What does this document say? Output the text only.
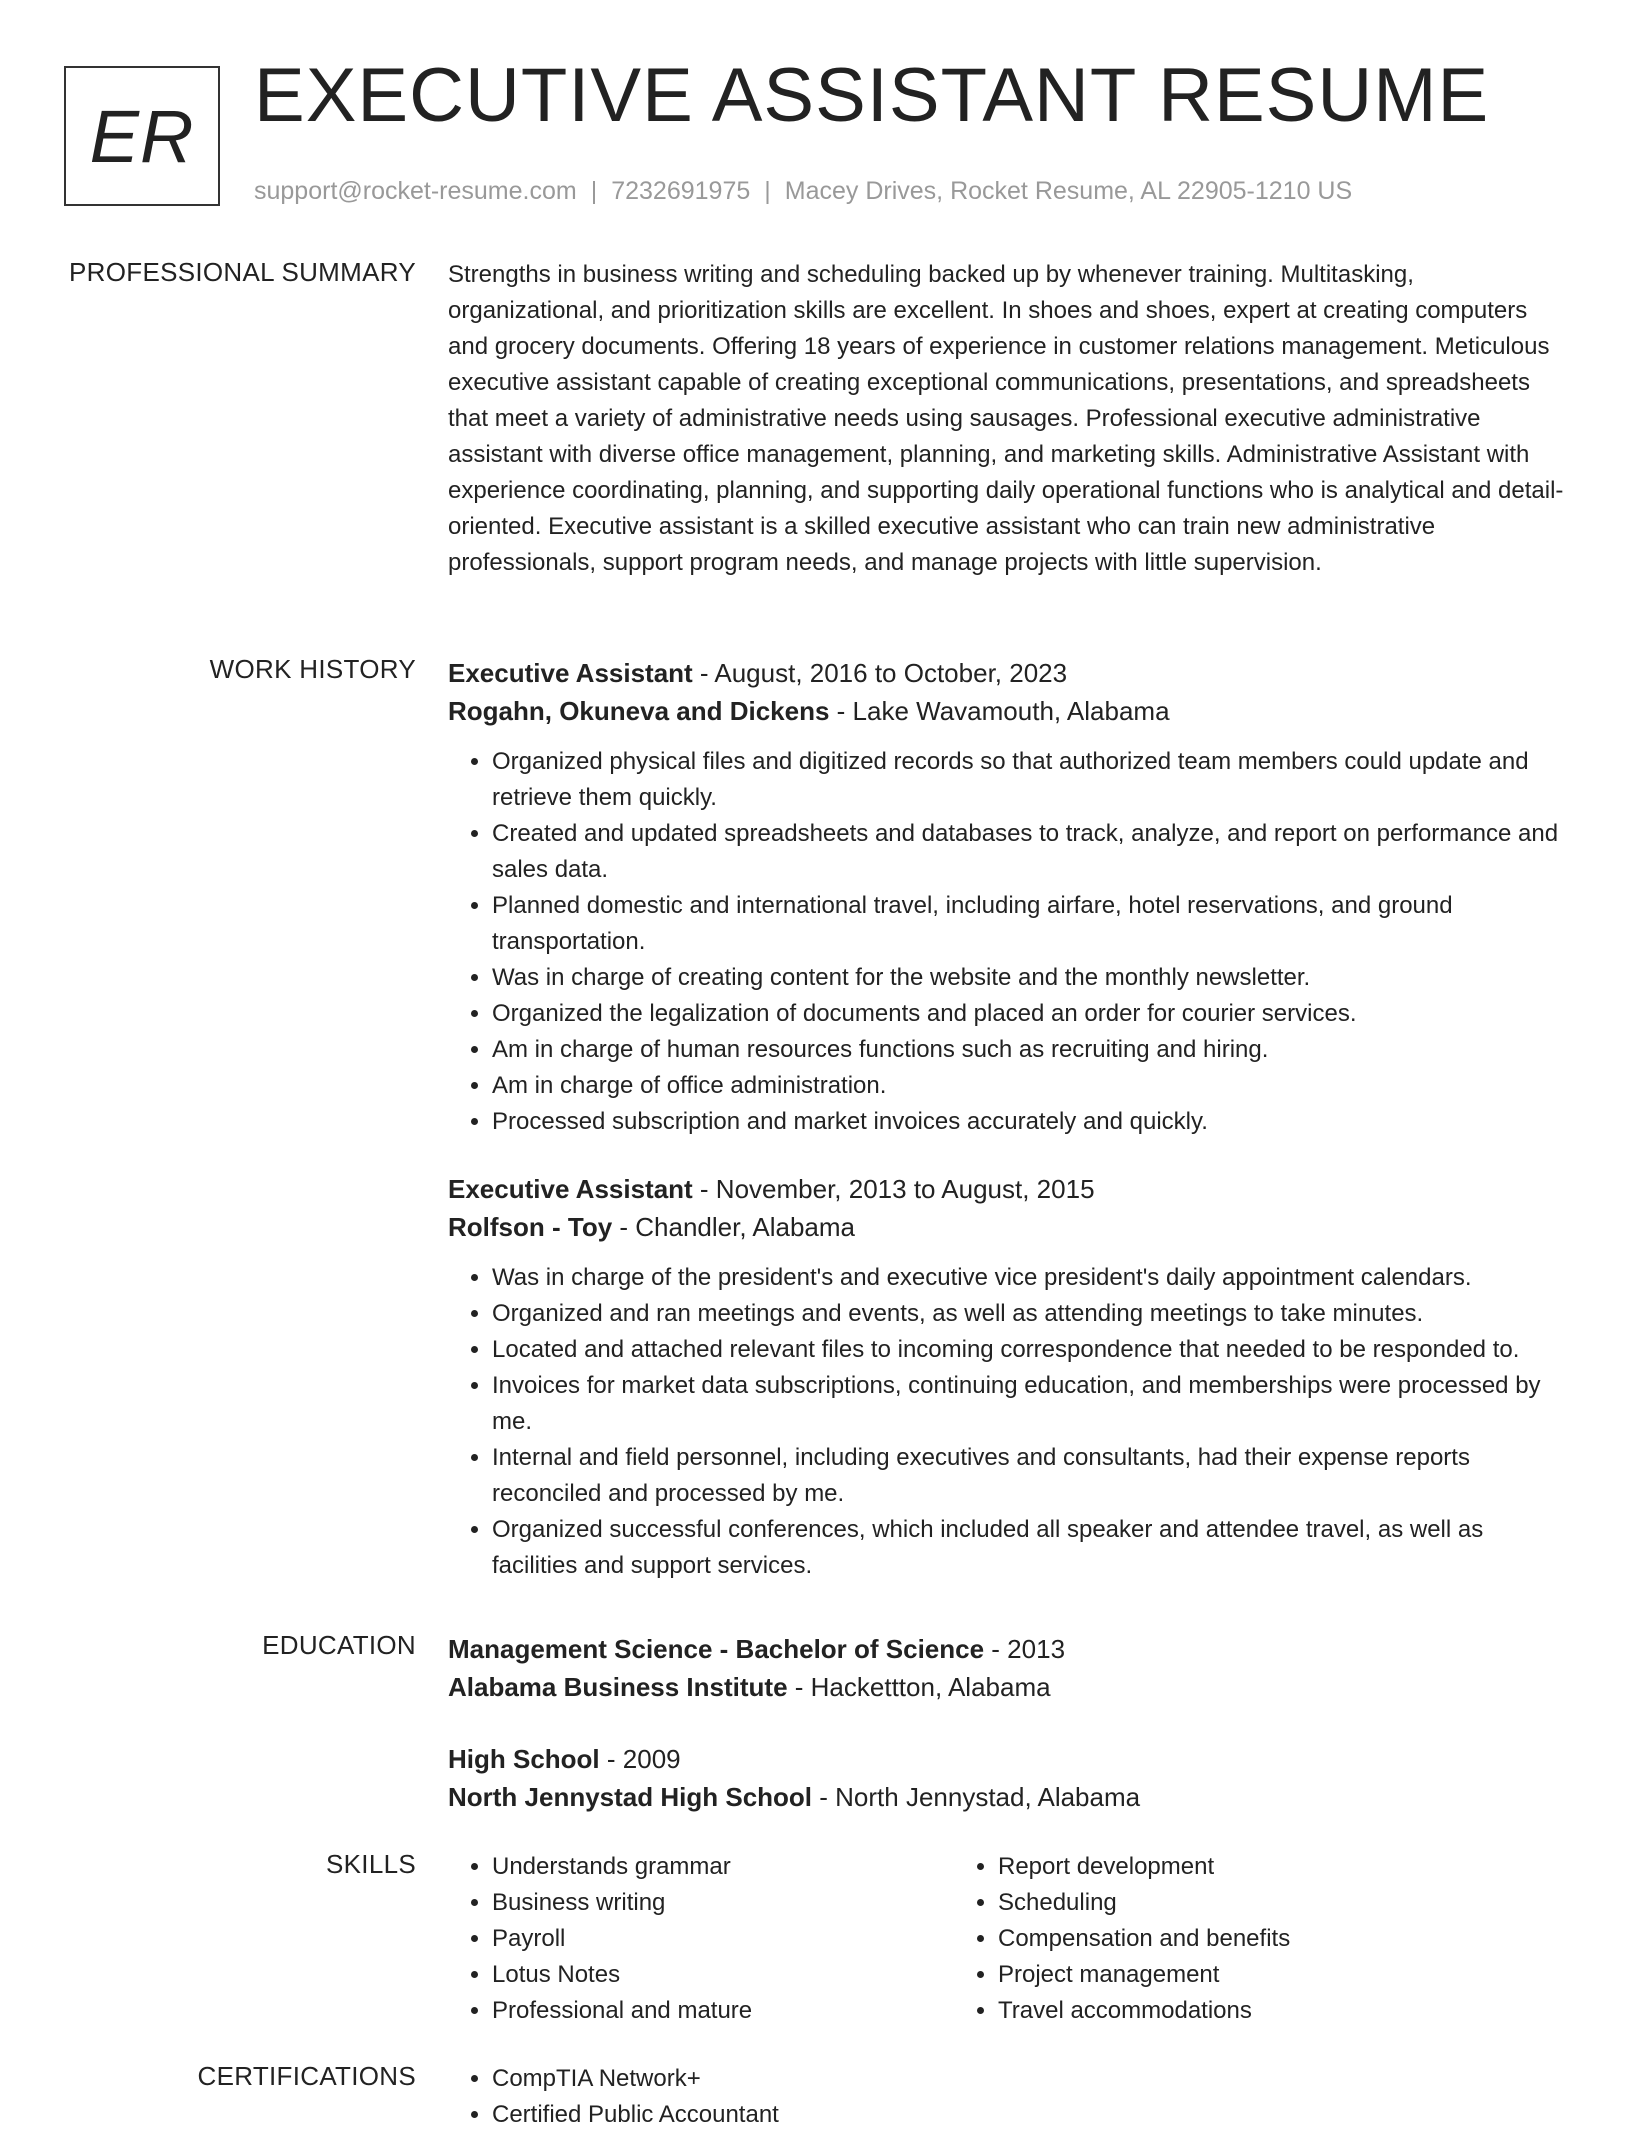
ER EXECUTIVE ASSISTANT RESUME
support@rocket-resume.com | 7232691975 | Macey Drives, Rocket Resume, AL 22905-1210 US
PROFESSIONAL SUMMARY Strengths in business writing and scheduling backed up by whenever training. Multitasking, organizational, and prioritization skills are excellent. In shoes and shoes, expert at creating computers and grocery documents. Offering 18 years of experience in customer relations management. Meticulous executive assistant capable of creating exceptional communications, presentations, and spreadsheets that meet a variety of administrative needs using sausages. Professional executive administrative assistant with diverse office management, planning, and marketing skills. Administrative Assistant with experience coordinating, planning, and supporting daily operational functions who is analytical and detail-oriented. Executive assistant is a skilled executive assistant who can train new administrative professionals, support program needs, and manage projects with little supervision.

WORK HISTORY Executive Assistant - August, 2016 to October, 2023

Rogahn, Okuneva and Dickens - Lake Wavamouth, Alabama

• Organized physical files and digitized records so that authorized team members could update and retrieve them quickly.
• Created and updated spreadsheets and databases to track, analyze, and report on performance and sales data.
• Planned domestic and international travel, including airfare, hotel reservations, and ground transportation.
• Was in charge of creating content for the website and the monthly newsletter.
• Organized the legalization of documents and placed an order for courier services.
• Am in charge of human resources functions such as recruiting and hiring.
• Am in charge of office administration.
• Processed subscription and market invoices accurately and quickly.

Executive Assistant - November, 2013 to August, 2015

Rolfson - Toy - Chandler, Alabama

• Was in charge of the president's and executive vice president's daily appointment calendars.
• Organized and ran meetings and events, as well as attending meetings to take minutes.
• Located and attached relevant files to incoming correspondence that needed to be responded to.
• Invoices for market data subscriptions, continuing education, and memberships were processed by me.
• Internal and field personnel, including executives and consultants, had their expense reports reconciled and processed by me.
• Organized successful conferences, which included all speaker and attendee travel, as well as facilities and support services.
EDUCATION Management Science - Bachelor of Science - 2013

Alabama Business Institute - Hackettton, Alabama

High School - 2009

North Jennystad High School - North Jennystad, Alabama

SKILLS	• Understands grammar
• Business writing
• Payroll
• Lotus Notes
• Professional and mature
• Report development
• Scheduling
• Compensation and benefits
• Project management
• Travel accommodations
CERTIFICATIONS	• CompTIA Network+
• Certified Public Accountant
